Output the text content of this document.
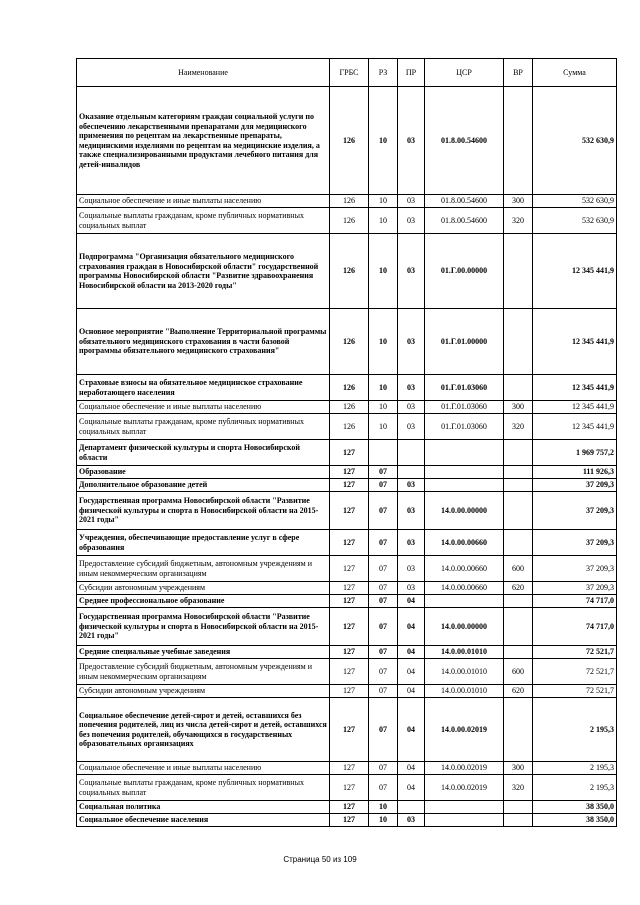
Наименование	ГРБС	РЗ	ПР	ЦСР	ВР	Сумма
Оказание отдельным категориям граждан социальной услуги по обеспечению лекарственными препаратами для медицинского применения по рецептам на лекарственные препараты, медицинскими изделиями по рецептам на медицинские изделия, а также специализированными продуктами лечебного питания для детей-инвалидов	126	10	03	01.8.00.54600		532 630,9
Социальное обеспечение и иные выплаты населению	126	10	03	01.8.00.54600	300	532 630,9
Социальные выплаты гражданам, кроме публичных нормативных социальных выплат	126	10	03	01.8.00.54600	320	532 630,9
Подпрограмма "Организация обязательного медицинского страхования граждан в Новосибирской области" государственной программы Новосибирской области "Развитие здравоохранения Новосибирской области на 2013-2020 годы"	126	10	03	01.Г.00.00000		12 345 441,9
Основное мероприятие "Выполнение Территориальной программы обязательного медицинского страхования в части базовой программы обязательного медицинского страхования"	126	10	03	01.Г.01.00000		12 345 441,9
Страховые взносы на обязательное медицинское страхование неработающего населения	126	10	03	01.Г.01.03060		12 345 441,9
Социальное обеспечение и иные выплаты населению	126	10	03	01.Г.01.03060	300	12 345 441,9
Социальные выплаты гражданам, кроме публичных нормативных социальных выплат	126	10	03	01.Г.01.03060	320	12 345 441,9
Департамент физической культуры и спорта Новосибирской области	127					1 969 757,2
Образование	127	07				111 926,3
Дополнительное образование детей	127	07	03			37 209,3
Государственная программа Новосибирской области "Развитие физической культуры и спорта в Новосибирской области на 2015-2021 годы"	127	07	03	14.0.00.00000		37 209,3
Учреждения, обеспечивающие предоставление услуг в сфере образования	127	07	03	14.0.00.00660		37 209,3
Предоставление субсидий бюджетным, автономным учреждениям и иным некоммерческим организациям	127	07	03	14.0.00.00660	600	37 209,3
Субсидии автономным учреждениям	127	07	03	14.0.00.00660	620	37 209,3
Среднее профессиональное образование	127	07	04			74 717,0
Государственная программа Новосибирской области "Развитие физической культуры и спорта в Новосибирской области на 2015-2021 годы"	127	07	04	14.0.00.00000		74 717,0
Средние специальные учебные заведения	127	07	04	14.0.00.01010		72 521,7
Предоставление субсидий бюджетным, автономным учреждениям и иным некоммерческим организациям	127	07	04	14.0.00.01010	600	72 521,7
Субсидии автономным учреждениям	127	07	04	14.0.00.01010	620	72 521,7
Социальное обеспечение детей-сирот и детей, оставшихся без попечения родителей, лиц из числа детей-сирот и детей, оставшихся без попечения родителей, обучающихся в государственных образовательных организациях	127	07	04	14.0.00.02019		2 195,3
Социальное обеспечение и иные выплаты населению	127	07	04	14.0.00.02019	300	2 195,3
Социальные выплаты гражданам, кроме публичных нормативных социальных выплат	127	07	04	14.0.00.02019	320	2 195,3
Социальная политика	127	10				38 350,0
Социальное обеспечение населения	127	10	03			38 350,0
Страница 50 из 109
